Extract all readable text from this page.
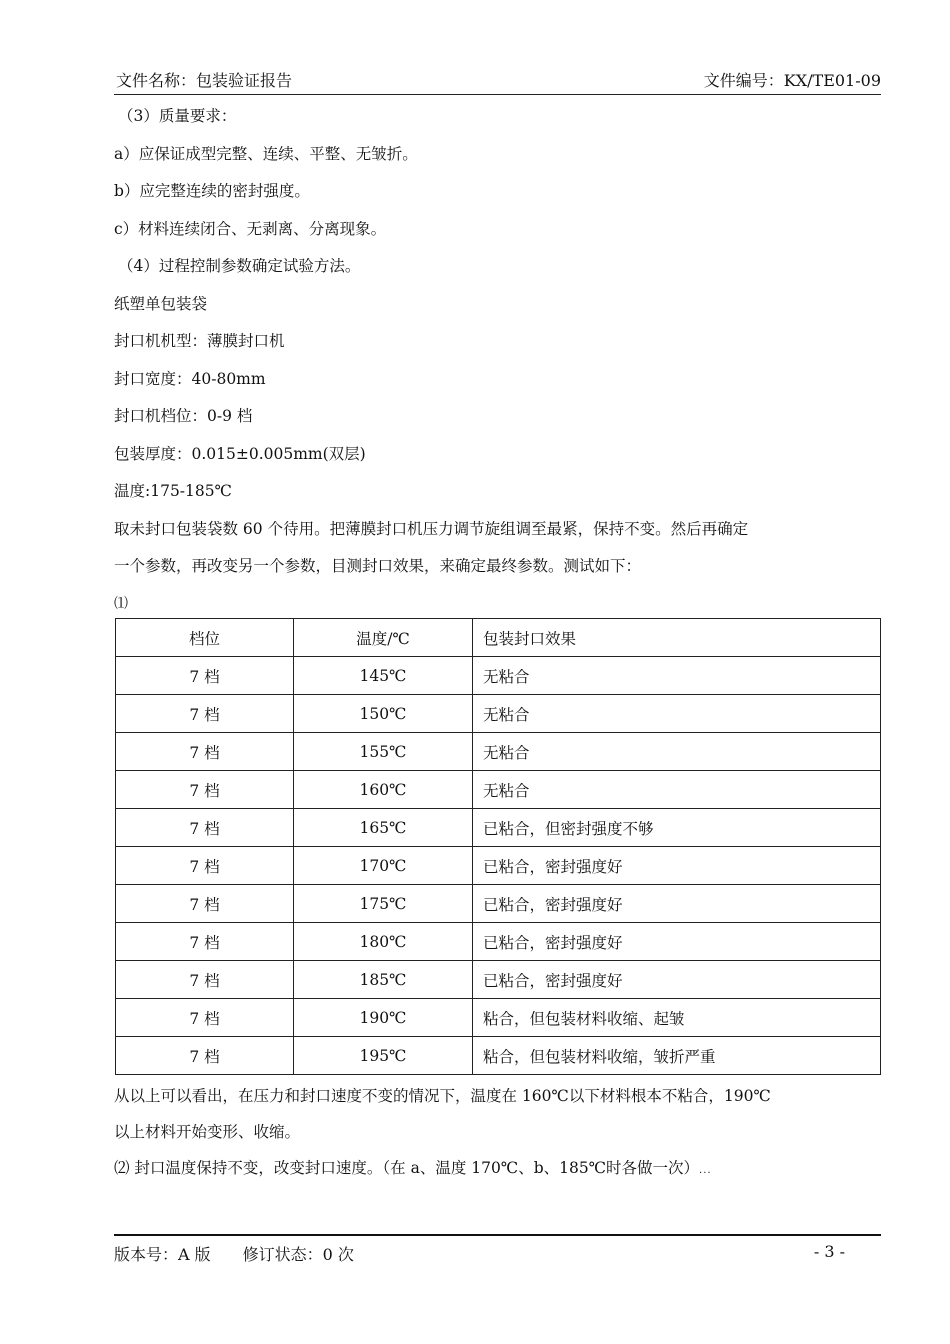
文件名称：包装验证报告	文件编号：KX/TE01-09
（3）质量要求：
a）应保证成型完整、连续、平整、无皱折。
b）应完整连续的密封强度。
c）材料连续闭合、无剥离、分离现象。
（4）过程控制参数确定试验方法。
纸塑单包装袋
封口机机型：薄膜封口机
封口宽度：40-80mm
封口机档位：0-9 档
包装厚度：0.015±0.005mm(双层)
温度:175-185℃
取未封口包装袋数 60 个待用。把薄膜封口机压力调节旋组调至最紧，保持不变。然后再确定
一个参数，再改变另一个参数，目测封口效果，来确定最终参数。测试如下：
⑴
档位	温度/℃	包装封口效果
7 档	145℃	无粘合
7 档	150℃	无粘合
7 档	155℃	无粘合
7 档	160℃	无粘合
7 档	165℃	已粘合，但密封强度不够
7 档	170℃	已粘合，密封强度好
7 档	175℃	已粘合，密封强度好
7 档	180℃	已粘合，密封强度好
7 档	185℃	已粘合，密封强度好
7 档	190℃	粘合，但包装材料收缩、起皱
7 档	195℃	粘合，但包装材料收缩，皱折严重
从以上可以看出，在压力和封口速度不变的情况下，温度在 160℃以下材料根本不粘合，190℃
以上材料开始变形、收缩。
⑵ 封口温度保持不变，改变封口速度。（在 a、温度 170℃、b、185℃时各做一次）...
版本号：A 版　　修订状态：0 次	- 3 -
